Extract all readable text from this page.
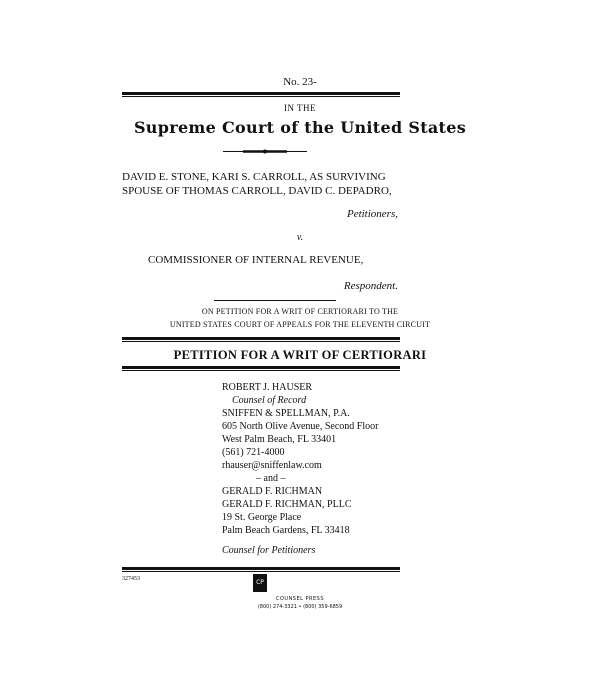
No. 23-
IN THE
Supreme Court of the United States
DAVID E. STONE, KARI S. CARROLL, AS SURVIVING
SPOUSE OF THOMAS CARROLL, DAVID C. DEPADRO,
Petitioners,
v.
COMMISSIONER OF INTERNAL REVENUE,
Respondent.
ON PETITION FOR A WRIT OF CERTIORARI TO THE
UNITED STATES COURT OF APPEALS FOR THE ELEVENTH CIRCUIT
PETITION FOR A WRIT OF CERTIORARI
ROBERT J. HAUSER
Counsel of Record
SNIFFEN & SPELLMAN, P.A.
605 North Olive Avenue, Second Floor
West Palm Beach, FL 33401
(561) 721-4000
rhauser@sniffenlaw.com
– and –
GERALD F. RICHMAN
GERALD F. RICHMAN, PLLC
19 St. George Place
Palm Beach Gardens, FL 33418
Counsel for Petitioners
327453	CP
COUNSEL PRESS
(800) 274-3321 • (800) 359-6859
